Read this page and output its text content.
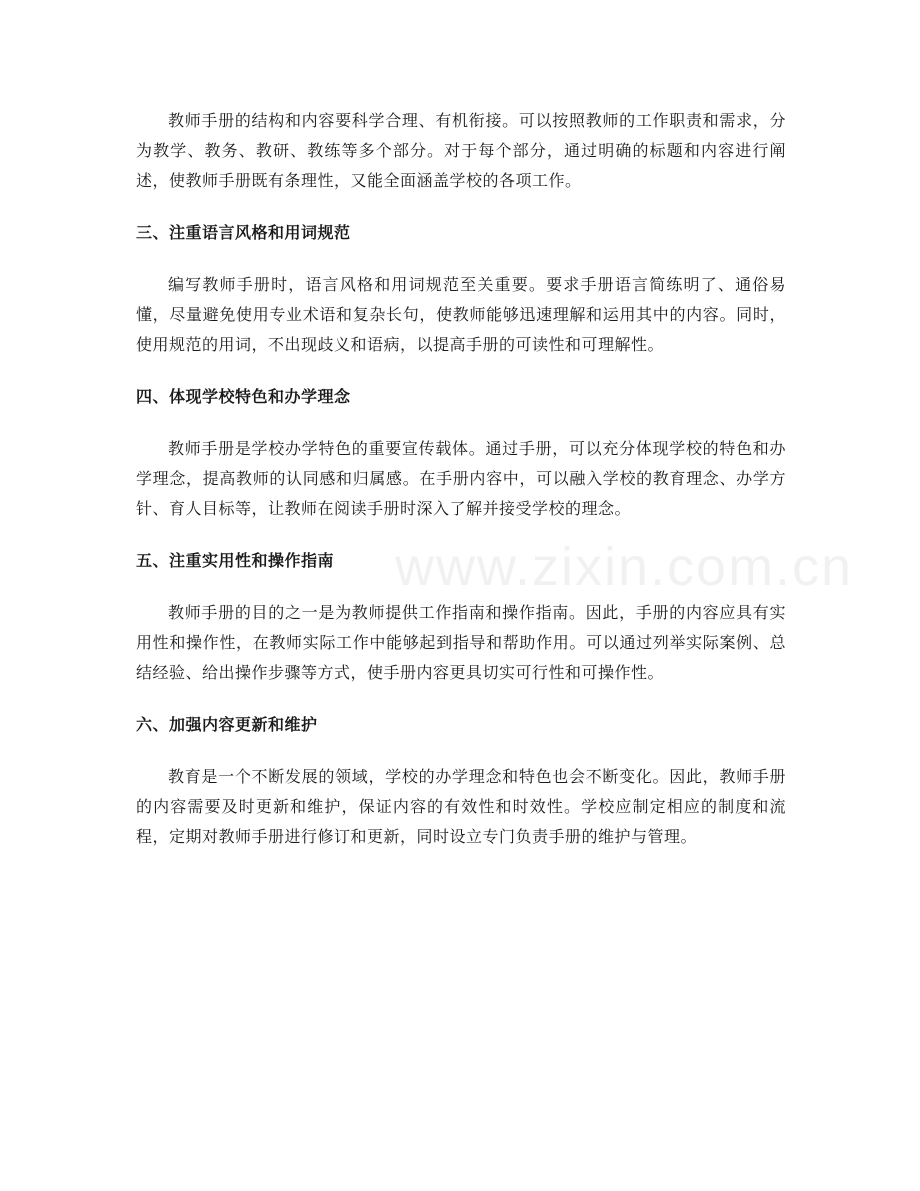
教师手册的结构和内容要科学合理、有机衔接。可以按照教师的工作职责和需求，分为教学、教务、教研、教练等多个部分。对于每个部分，通过明确的标题和内容进行阐述，使教师手册既有条理性，又能全面涵盖学校的各项工作。

三、注重语言风格和用词规范

编写教师手册时，语言风格和用词规范至关重要。要求手册语言简练明了、通俗易懂，尽量避免使用专业术语和复杂长句，使教师能够迅速理解和运用其中的内容。同时，使用规范的用词，不出现歧义和语病，以提高手册的可读性和可理解性。

四、体现学校特色和办学理念

教师手册是学校办学特色的重要宣传载体。通过手册，可以充分体现学校的特色和办学理念，提高教师的认同感和归属感。在手册内容中，可以融入学校的教育理念、办学方针、育人目标等，让教师在阅读手册时深入了解并接受学校的理念。

五、注重实用性和操作指南

教师手册的目的之一是为教师提供工作指南和操作指南。因此，手册的内容应具有实用性和操作性，在教师实际工作中能够起到指导和帮助作用。可以通过列举实际案例、总结经验、给出操作步骤等方式，使手册内容更具切实可行性和可操作性。

六、加强内容更新和维护

教育是一个不断发展的领域，学校的办学理念和特色也会不断变化。因此，教师手册的内容需要及时更新和维护，保证内容的有效性和时效性。学校应制定相应的制度和流程，定期对教师手册进行修订和更新，同时设立专门负责手册的维护与管理。

www.zixin.com.cn
